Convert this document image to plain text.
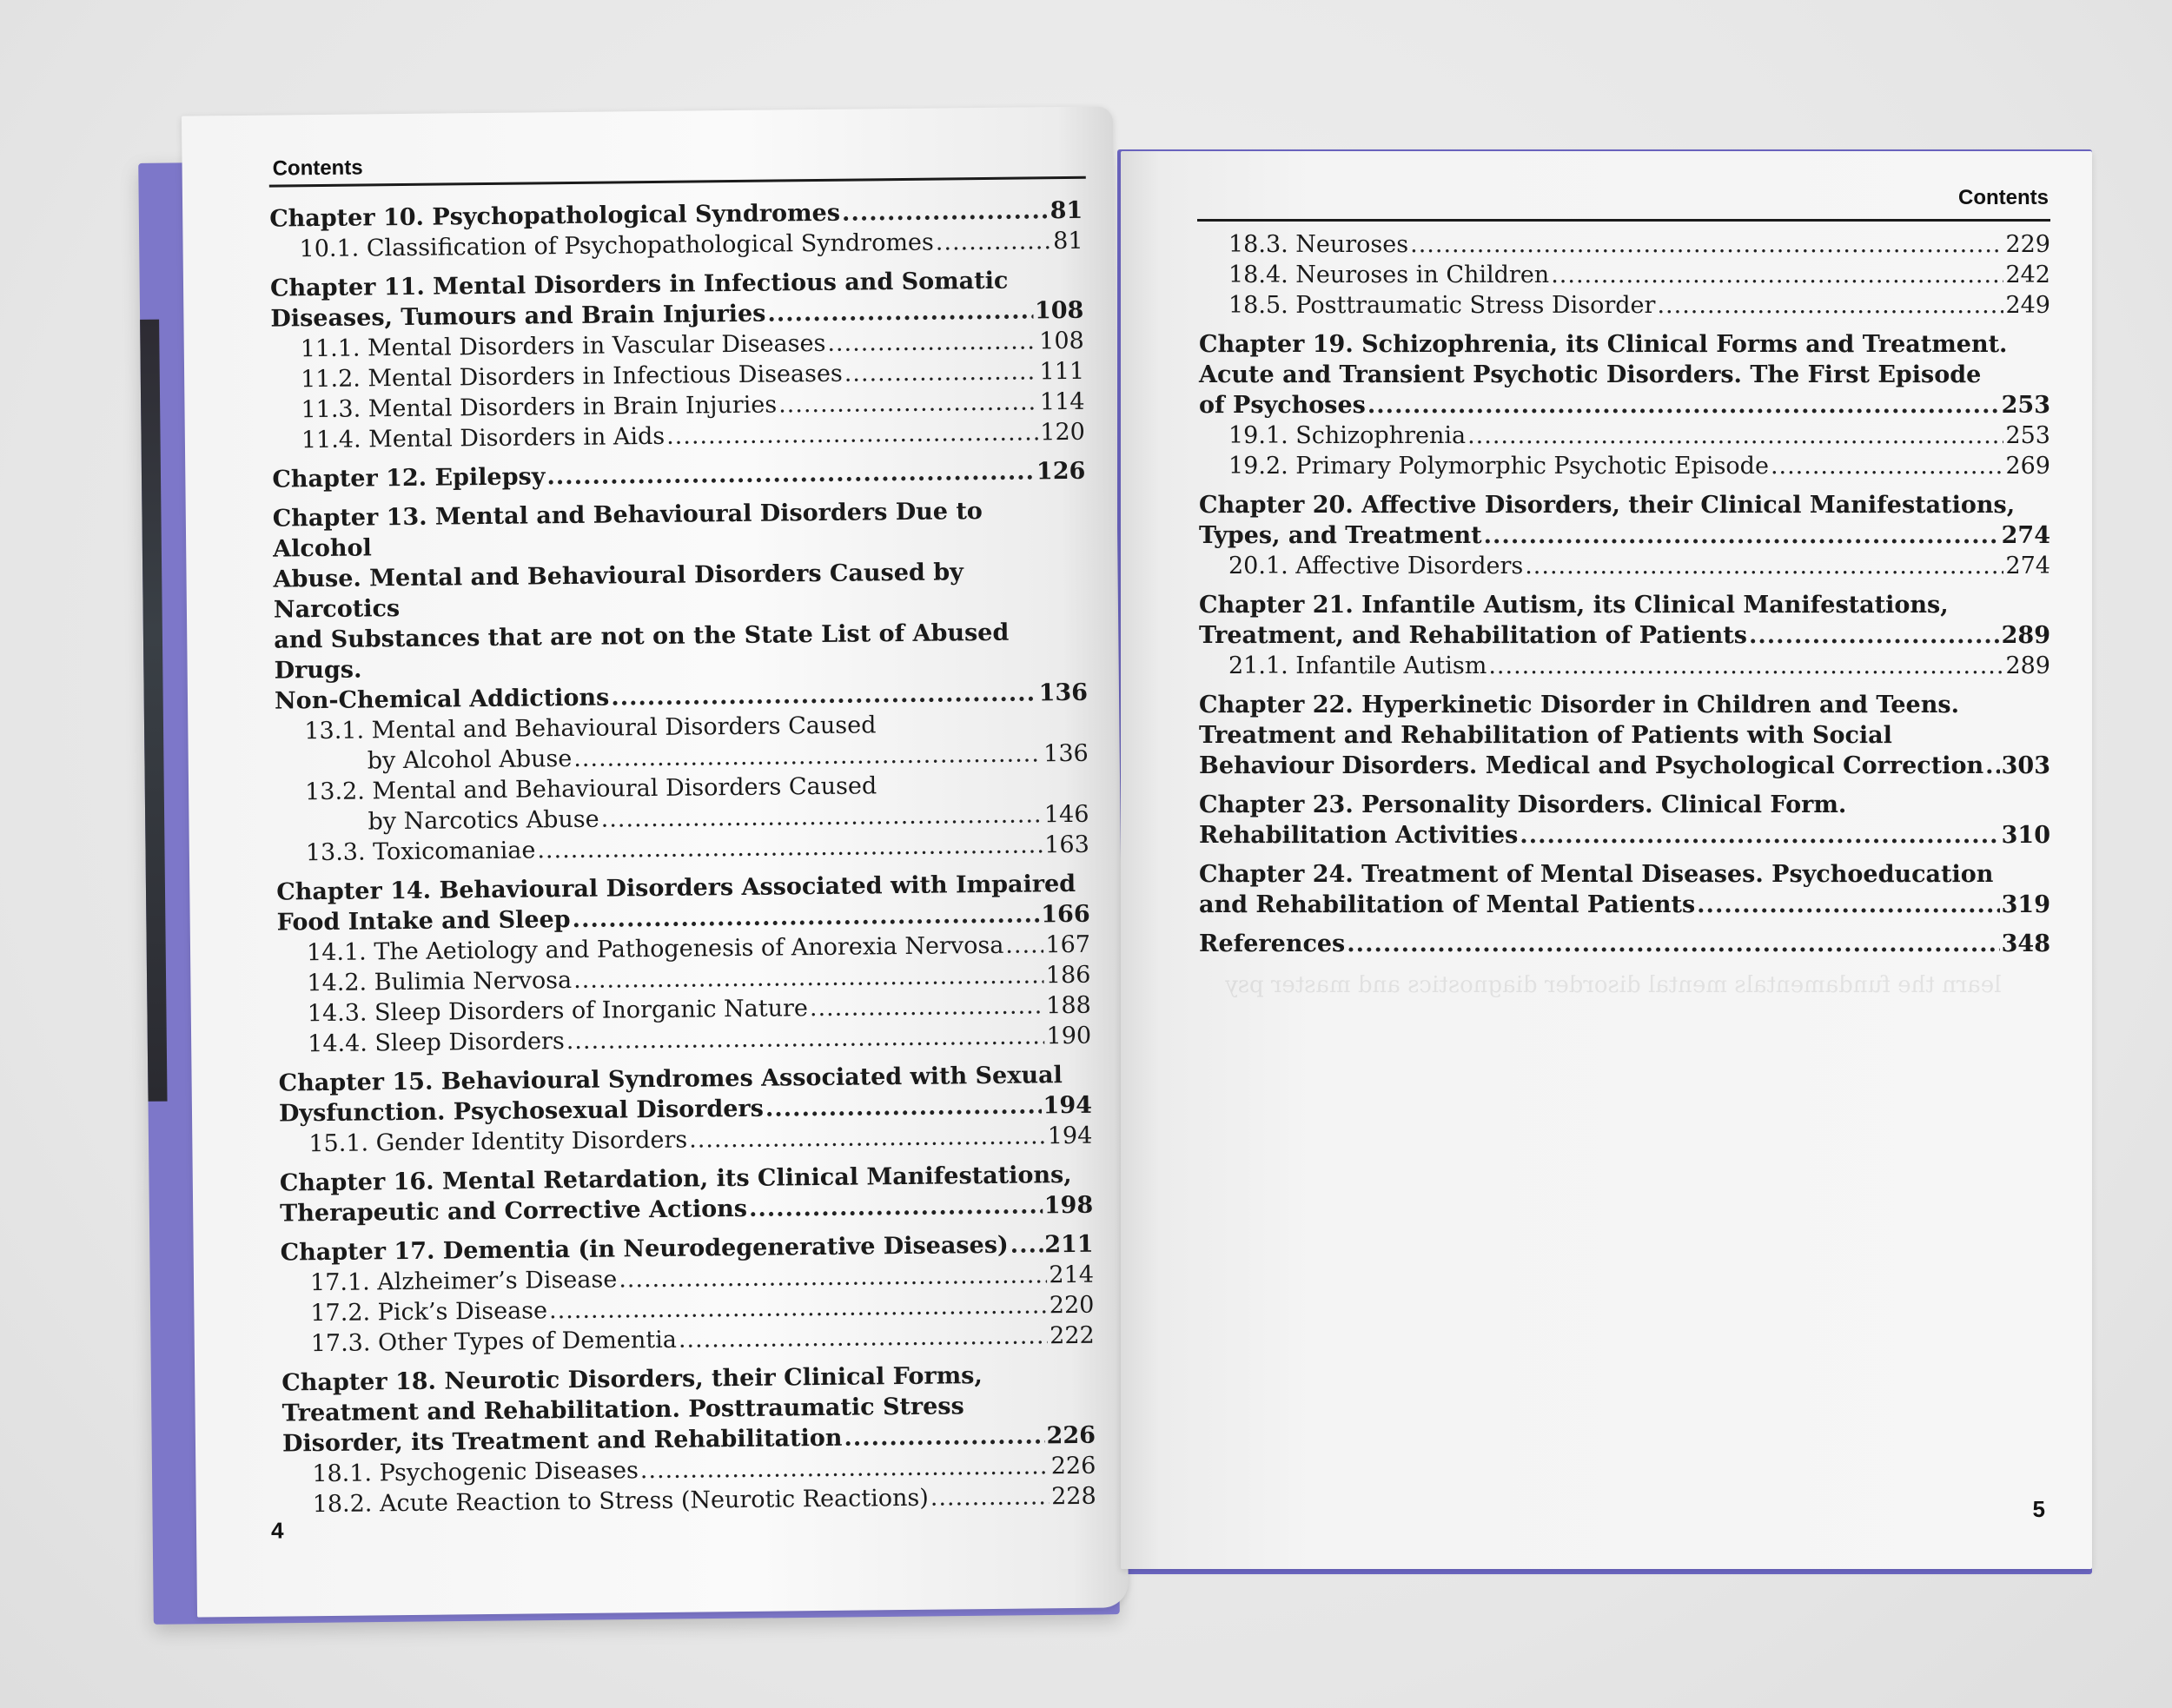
Contents
Chapter 10. Psychopathological Syndromes .....	81
10.1. Classification of Psychopathological Syndromes .....	81
Chapter 11. Mental Disorders in Infectious and Somatic
Diseases, Tumours and Brain Injuries .....	108
11.1. Mental Disorders in Vascular Diseases .....	108
11.2. Mental Disorders in Infectious Diseases .....	111
11.3. Mental Disorders in Brain Injuries .....	114
11.4. Mental Disorders in Aids .....	120
Chapter 12. Epilepsy .....	126
Chapter 13. Mental and Behavioural Disorders Due to Alcohol
Abuse. Mental and Behavioural Disorders Caused by Narcotics
and Substances that are not on the State List of Abused Drugs.
Non-Chemical Addictions .....	136
13.1. Mental and Behavioural Disorders Caused
by Alcohol Abuse .....	136
13.2. Mental and Behavioural Disorders Caused
by Narcotics Abuse .....	146
13.3. Toxicomaniae .....	163
Chapter 14. Behavioural Disorders Associated with Impaired
Food Intake and Sleep .....	166
14.1. The Aetiology and Pathogenesis of Anorexia Nervosa ..... 167
14.2. Bulimia Nervosa .....	186
14.3. Sleep Disorders of Inorganic Nature .....	188
14.4. Sleep Disorders .....	190
Chapter 15. Behavioural Syndromes Associated with Sexual
Dysfunction. Psychosexual Disorders .....	194
15.1. Gender Identity Disorders .....	194
Chapter 16. Mental Retardation, its Clinical Manifestations,
Therapeutic and Corrective Actions .....	198
Chapter 17. Dementia (in Neurodegenerative Diseases) ..... 211
17.1. Alzheimer’s Disease .....	214
17.2. Pick’s Disease .....	220
17.3. Other Types of Dementia .....	222
Chapter 18. Neurotic Disorders, their Clinical Forms,
Treatment and Rehabilitation. Posttraumatic Stress
Disorder, its Treatment and Rehabilitation .....	226
18.1. Psychogenic Diseases .....	226
18.2. Acute Reaction to Stress (Neurotic Reactions) .....	228
4
learn the fundamentals mental disorder diagnostics and master psy
Contents
18.3. Neuroses .....	229
18.4. Neuroses in Children .....	242
18.5. Posttraumatic Stress Disorder .....	249
Chapter 19. Schizophrenia, its Clinical Forms and Treatment.
Acute and Transient Psychotic Disorders. The First Episode
of Psychoses .....	253
19.1. Schizophrenia .....	253
19.2. Primary Polymorphic Psychotic Episode .....	269
Chapter 20. Affective Disorders, their Clinical Manifestations,
Types, and Treatment .....	274
20.1. Affective Disorders .....	274
Chapter 21. Infantile Autism, its Clinical Manifestations,
Treatment, and Rehabilitation of Patients .....	289
21.1. Infantile Autism .....	289
Chapter 22. Hyperkinetic Disorder in Children and Teens.
Treatment and Rehabilitation of Patients with Social
Behaviour Disorders. Medical and Psychological Correction ..... 303
Chapter 23. Personality Disorders. Clinical Form.
Rehabilitation Activities .....	310
Chapter 24. Treatment of Mental Diseases. Psychoeducation
and Rehabilitation of Mental Patients .....	319
References .....	348
5
